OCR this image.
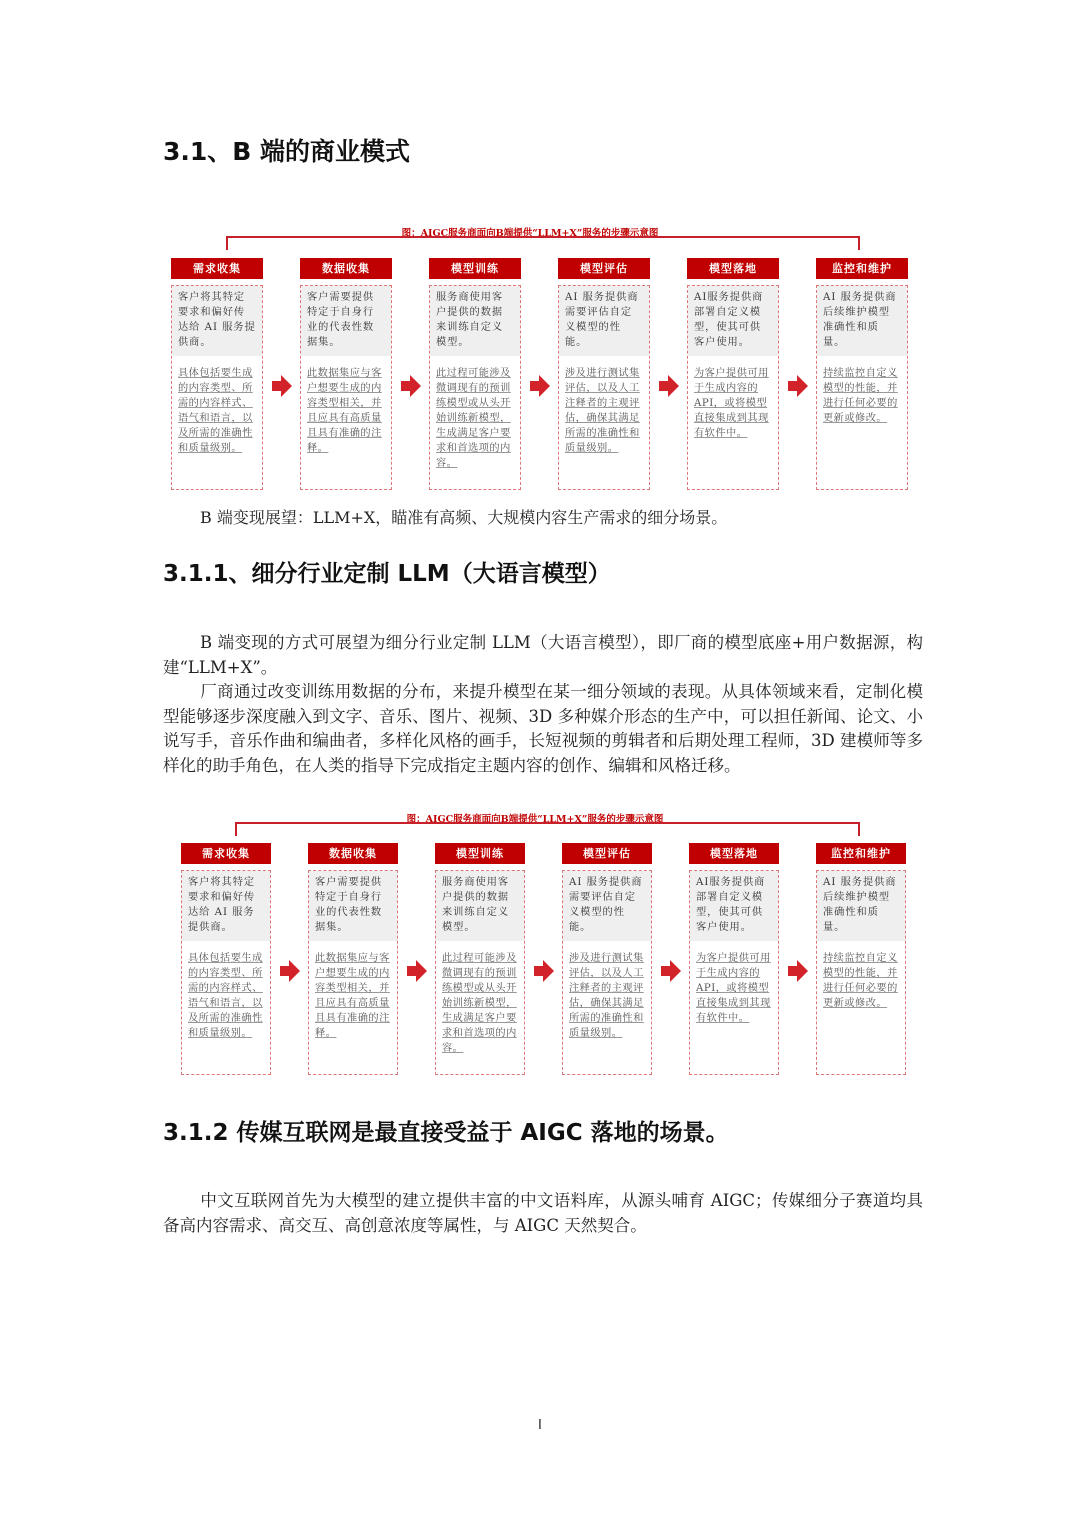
3.1、B 端的商业模式
图：AIGC服务商面向B端提供“LLM+X”服务的步骤示意图
需求收集
客户将其特定要求和偏好传达给 AI 服务提供商。
具体包括要生成的内容类型、所需的内容样式、语气和语言，以及所需的准确性和质量级别。
数据收集
客户需要提供特定于自身行业的代表性数据集。
此数据集应与客户想要生成的内容类型相关，并且应具有高质量且具有准确的注释。
模型训练
服务商使用客户提供的数据来训练自定义模型。
此过程可能涉及微调现有的预训练模型或从头开始训练新模型，生成满足客户要求和首选项的内容。
模型评估
AI 服务提供商需要评估自定义模型的性能。
涉及进行测试集评估，以及人工注释者的主观评估，确保其满足所需的准确性和质量级别。
模型落地
AI服务提供商部署自定义模型，使其可供客户使用。
为客户提供可用于生成内容的 API，或将模型直接集成到其现有软件中。
监控和维护
AI 服务提供商后续维护模型准确性和质量。
持续监控自定义模型的性能，并进行任何必要的更新或修改。
B 端变现展望：LLM+X，瞄准有高频、大规模内容生产需求的细分场景。
3.1.1、细分行业定制 LLM（大语言模型）
B 端变现的方式可展望为细分行业定制 LLM（大语言模型），即厂商的模型底座+用户数据源，构建“LLM+X”。
厂商通过改变训练用数据的分布，来提升模型在某一细分领域的表现。从具体领域来看，定制化模型能够逐步深度融入到文字、音乐、图片、视频、3D 多种媒介形态的生产中，可以担任新闻、论文、小说写手，音乐作曲和编曲者，多样化风格的画手，长短视频的剪辑者和后期处理工程师，3D 建模师等多样化的助手角色，在人类的指导下完成指定主题内容的创作、编辑和风格迁移。
图：AIGC服务商面向B端提供“LLM+X”服务的步骤示意图
需求收集
客户将其特定要求和偏好传达给 AI 服务提供商。
具体包括要生成的内容类型、所需的内容样式、语气和语言，以及所需的准确性和质量级别。
数据收集
客户需要提供特定于自身行业的代表性数据集。
此数据集应与客户想要生成的内容类型相关，并且应具有高质量且具有准确的注释。
模型训练
服务商使用客户提供的数据来训练自定义模型。
此过程可能涉及微调现有的预训练模型或从头开始训练新模型，生成满足客户要求和首选项的内容。
模型评估
AI 服务提供商需要评估自定义模型的性能。
涉及进行测试集评估，以及人工注释者的主观评估，确保其满足所需的准确性和质量级别。
模型落地
AI服务提供商部署自定义模型，使其可供客户使用。
为客户提供可用于生成内容的 API，或将模型直接集成到其现有软件中。
监控和维护
AI 服务提供商后续维护模型准确性和质量。
持续监控自定义模型的性能，并进行任何必要的更新或修改。
3.1.2 传媒互联网是最直接受益于 AIGC 落地的场景。
中文互联网首先为大模型的建立提供丰富的中文语料库，从源头哺育 AIGC；传媒细分子赛道均具备高内容需求、高交互、高创意浓度等属性，与 AIGC 天然契合。
I
